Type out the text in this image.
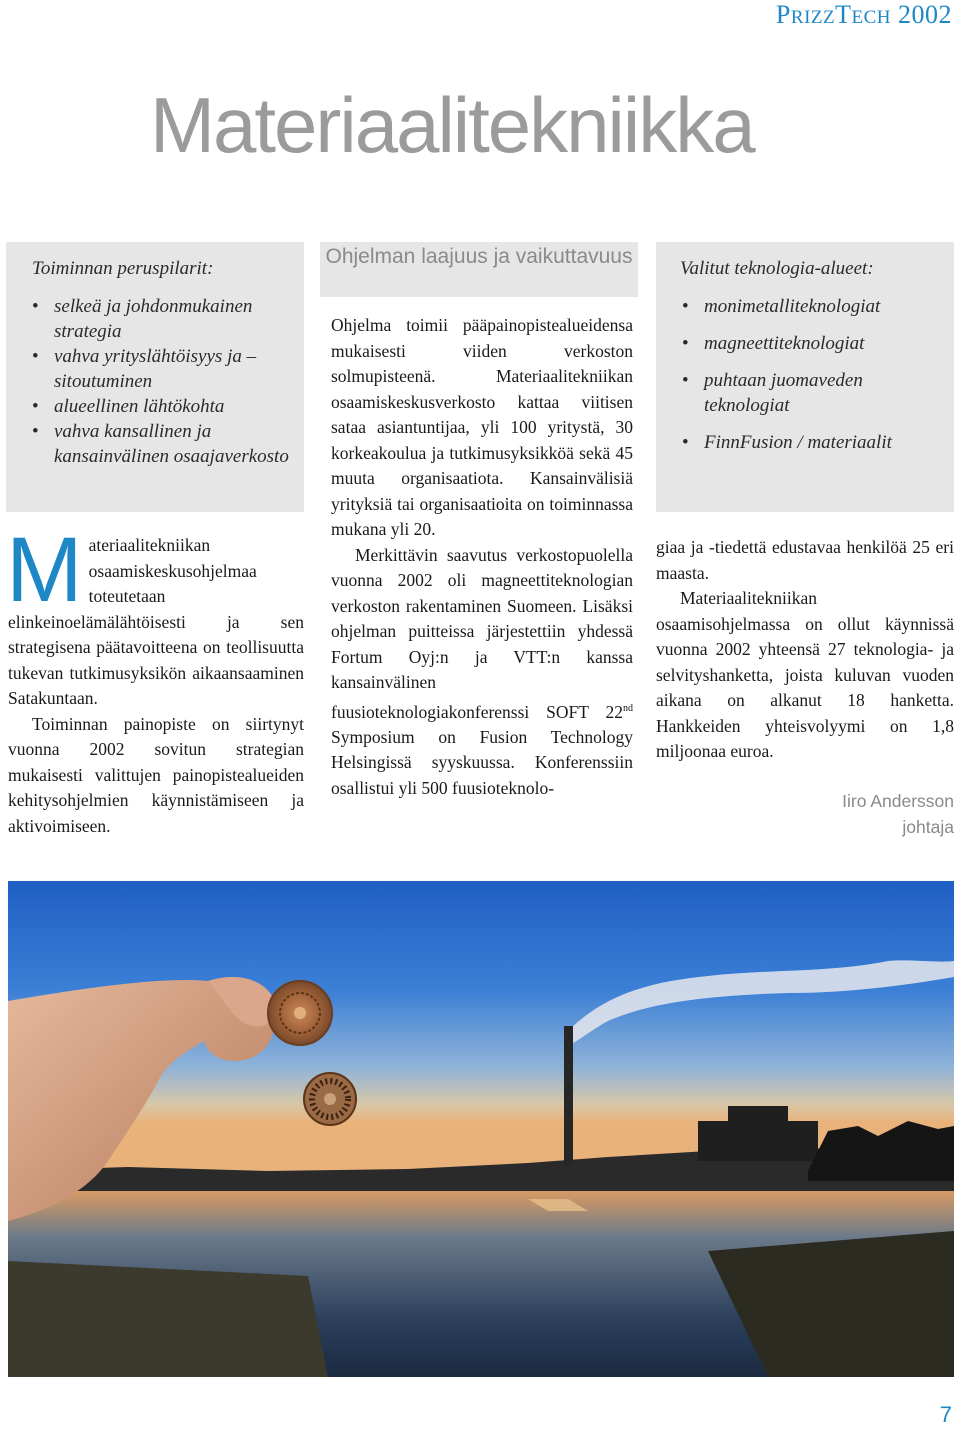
PRIZZTECH 2002
Materiaalitekniikka
Toiminnan peruspilarit:
• selkeä ja johdonmukainen strategia
• vahva yrityslähtöisyys ja –sitoutuminen
• alueellinen lähtökohta
• vahva kansallinen ja kansainvälinen osaajaverkosto
Ohjelman laajuus ja vaikuttavuus
Valitut teknologia-alueet:
• monimetalliteknologiat
• magneettiteknologiat
• puhtaan juomaveden teknologiat
• FinnFusion / materiaalit

Materiaalitekniikan osaamiskeskusohjelmaa toteutetaan elinkeinoelämälähtöisesti ja sen strategisena päätavoitteena on teollisuutta tukevan tutkimusyksikön aikaansaaminen Satakuntaan.

Toiminnan painopiste on siirtynyt vuonna 2002 sovitun strategian mukaisesti valittujen painopistealueiden kehitysohjelmien käynnistämiseen ja aktivoimiseen.

Ohjelma toimii pääpainopistealueidensa mukaisesti viiden verkoston solmupisteenä. Materiaalitekniikan osaamiskeskusverkosto kattaa viitisen sataa asiantuntijaa, yli 100 yritystä, 30 korkeakoulua ja tutkimusyksikköä sekä 45 muuta organisaatiota. Kansainvälisiä yrityksiä tai organisaatioita on toiminnassa mukana yli 20.

Merkittävin saavutus verkostopuolella vuonna 2002 oli magneettiteknologian verkoston rakentaminen Suomeen. Lisäksi ohjelman puitteissa järjestettiin yhdessä Fortum Oyj:n ja VTT:n kanssa kansainvälinen fuusioteknologiakonferenssi SOFT 22nd Symposium on Fusion Technology Helsingissä syyskuussa. Konferenssiin osallistui yli 500 fuusioteknolo-

giaa ja -tiedettä edustavaa henkilöä 25 eri maasta.

Materiaalitekniikan osaamisohjelmassa on ollut käynnissä vuonna 2002 yhteensä 27 teknologia- ja selvityshanketta, joista kuluvan vuoden aikana on alkanut 18 hanketta. Hankkeiden yhteisvolyymi on 1,8 miljoonaa euroa.

Iiro Andersson
johtaja
7
